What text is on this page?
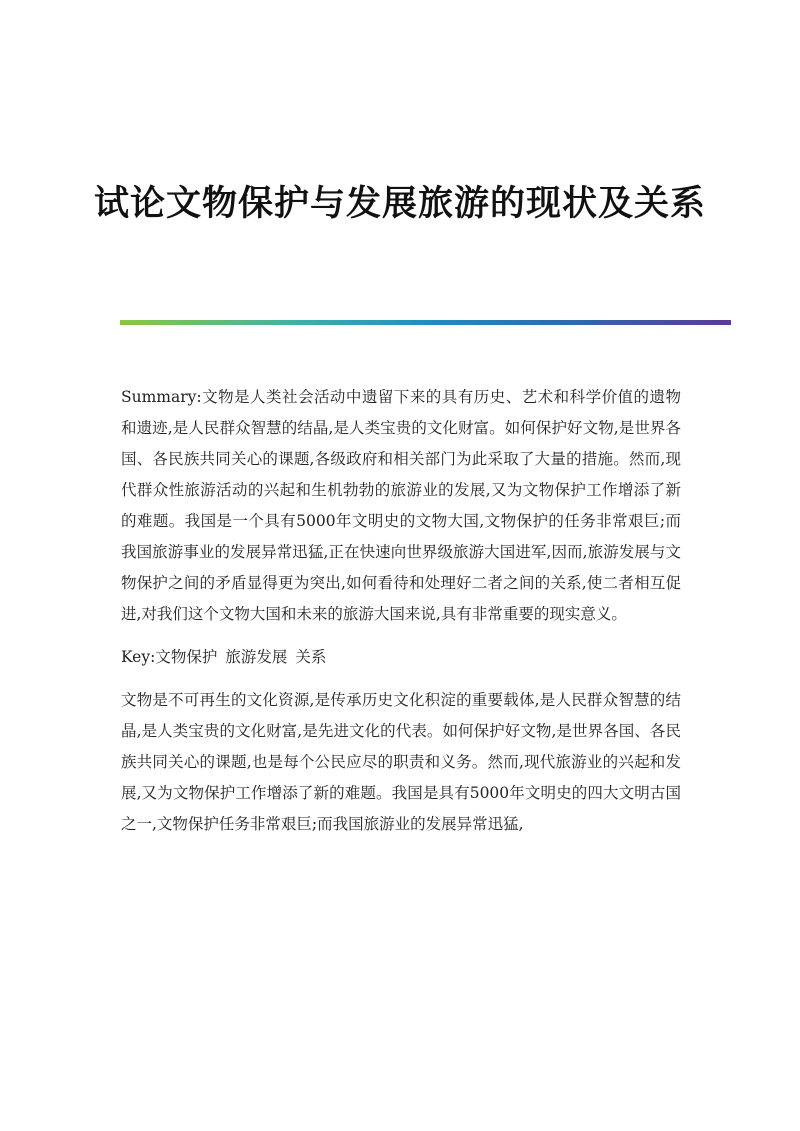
试论文物保护与发展旅游的现状及关系

Summary:文物是人类社会活动中遗留下来的具有历史、艺术和科学价值的遗物和遗迹,是人民群众智慧的结晶,是人类宝贵的文化财富。如何保护好文物,是世界各国、各民族共同关心的课题,各级政府和相关部门为此采取了大量的措施。然而,现代群众性旅游活动的兴起和生机勃勃的旅游业的发展,又为文物保护工作增添了新的难题。我国是一个具有5000年文明史的文物大国,文物保护的任务非常艰巨;而我国旅游事业的发展异常迅猛,正在快速向世界级旅游大国进军,因而,旅游发展与文物保护之间的矛盾显得更为突出,如何看待和处理好二者之间的关系,使二者相互促进,对我们这个文物大国和未来的旅游大国来说,具有非常重要的现实意义。

Key:文物保护 旅游发展 关系

文物是不可再生的文化资源,是传承历史文化积淀的重要载体,是人民群众智慧的结晶,是人类宝贵的文化财富,是先进文化的代表。如何保护好文物,是世界各国、各民族共同关心的课题,也是每个公民应尽的职责和义务。然而,现代旅游业的兴起和发展,又为文物保护工作增添了新的难题。我国是具有5000年文明史的四大文明古国之一,文物保护任务非常艰巨;而我国旅游业的发展异常迅猛,
